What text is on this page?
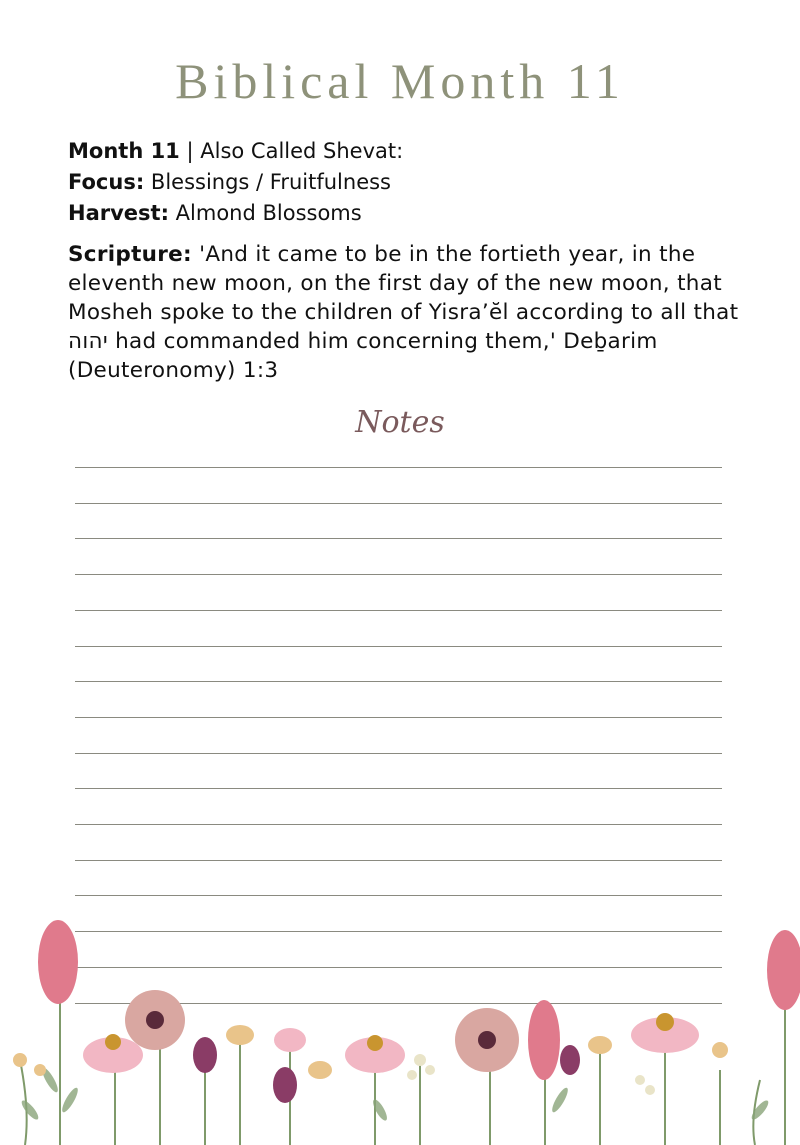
Biblical Month 11
Month 11 | Also Called Shevat:
Focus: Blessings / Fruitfulness
Harvest: Almond Blossoms
Scripture: 'And it came to be in the fortieth year, in the eleventh new moon, on the first day of the new moon, that Mosheh spoke to the children of Yisra’ĕl according to all that יהוה had commanded him concerning them,' Deḇarim (Deuteronomy) 1:3
Notes
